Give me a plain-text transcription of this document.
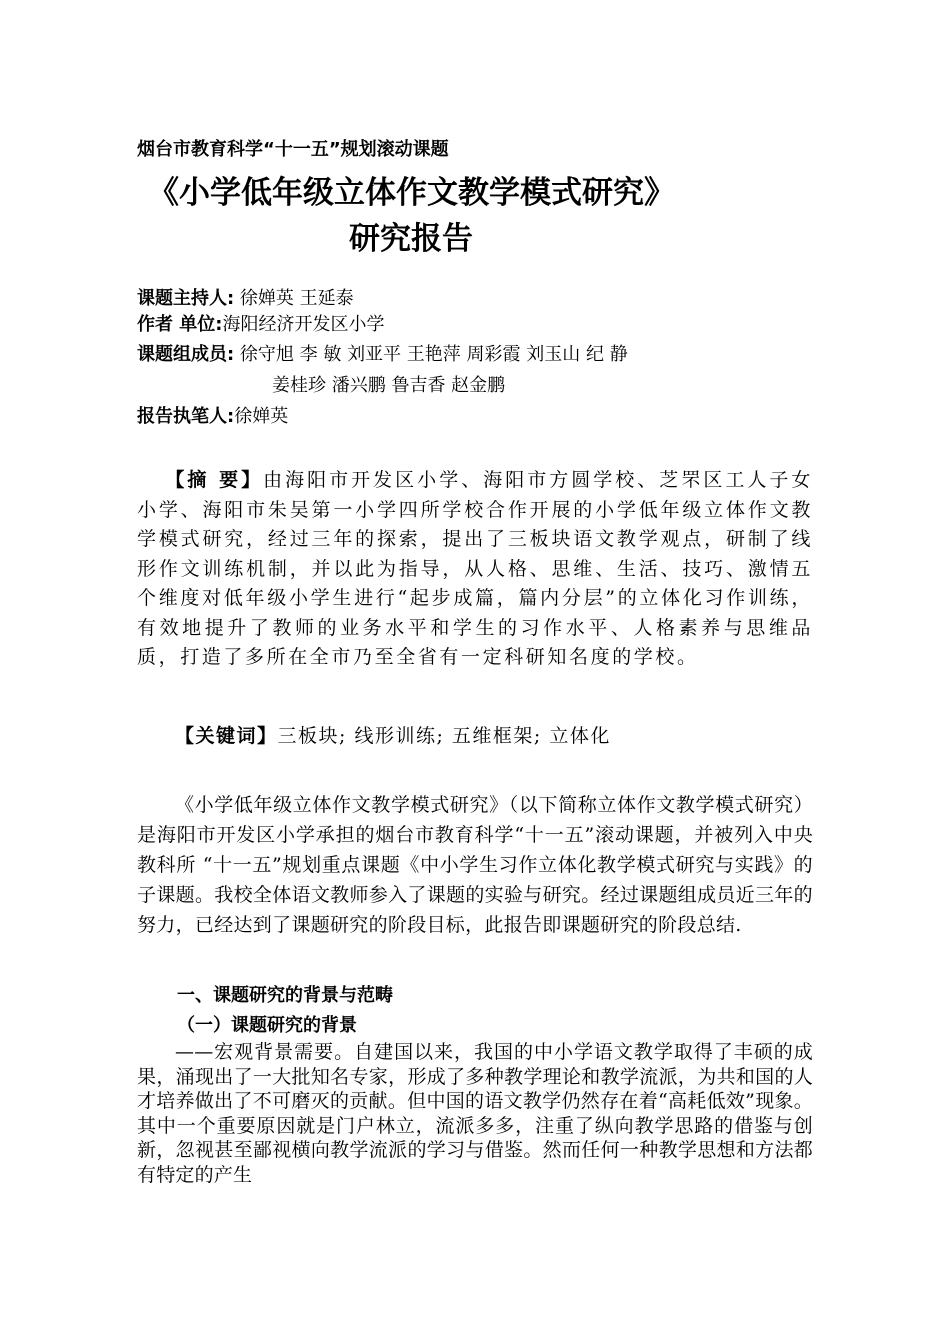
烟台市教育科学“十一五”规划滚动课题
《小学低年级立体作文教学模式研究》
研究报告
课题主持人: 徐婵英 王延泰
作者 单位:海阳经济开发区小学
课题组成员: 徐守旭 李 敏 刘亚平 王艳萍 周彩霞 刘玉山 纪 静
姜桂珍 潘兴鹏 鲁吉香 赵金鹏
报告执笔人:徐婵英
【摘 要】由海阳市开发区小学、海阳市方圆学校、芝罘区工人子女小学、海阳市朱吴第一小学四所学校合作开展的小学低年级立体作文教学模式研究，经过三年的探索，提出了三板块语文教学观点，研制了线形作文训练机制，并以此为指导，从人格、思维、生活、技巧、激情五个维度对低年级小学生进行“起步成篇，篇内分层”的立体化习作训练，有效地提升了教师的业务水平和学生的习作水平、人格素养与思维品质，打造了多所在全市乃至全省有一定科研知名度的学校。
【关键词】三板块; 线形训练; 五维框架; 立体化
《小学低年级立体作文教学模式研究》（以下简称立体作文教学模式研究）是海阳市开发区小学承担的烟台市教育科学“十一五”滚动课题，并被列入中央教科所 “十一五”规划重点课题《中小学生习作立体化教学模式研究与实践》的子课题。我校全体语文教师参入了课题的实验与研究。经过课题组成员近三年的努力，已经达到了课题研究的阶段目标，此报告即课题研究的阶段总结.
一、课题研究的背景与范畴
（一）课题研究的背景
——宏观背景需要。自建国以来，我国的中小学语文教学取得了丰硕的成果，涌现出了一大批知名专家，形成了多种教学理论和教学流派，为共和国的人才培养做出了不可磨灭的贡献。但中国的语文教学仍然存在着“高耗低效”现象。其中一个重要原因就是门户林立，流派多多，注重了纵向教学思路的借鉴与创新，忽视甚至鄙视横向教学流派的学习与借鉴。然而任何一种教学思想和方法都有特定的产生
